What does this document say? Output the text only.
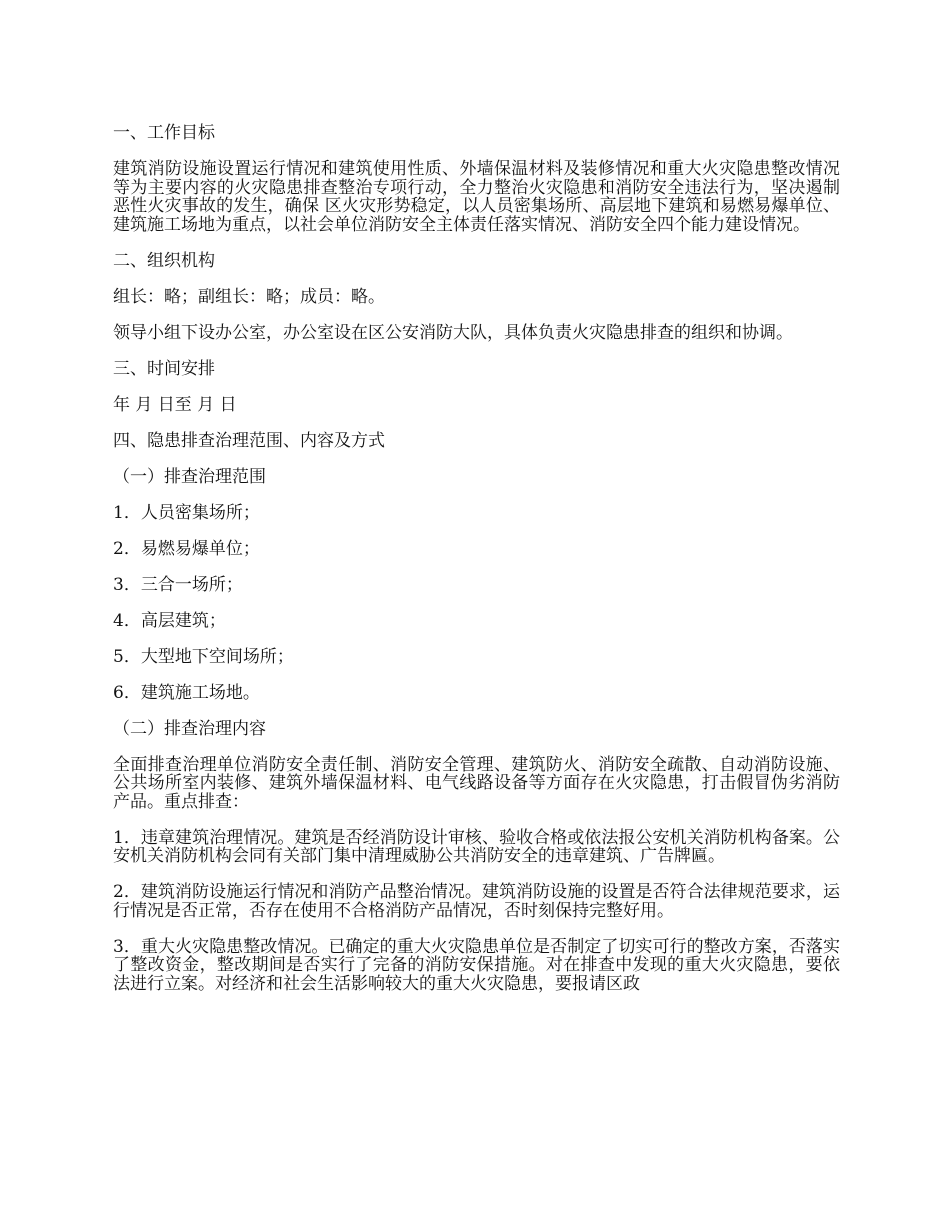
一、工作目标

建筑消防设施设置运行情况和建筑使用性质、外墙保温材料及装修情况和重大火灾隐患整改情况等为主要内容的火灾隐患排查整治专项行动，全力整治火灾隐患和消防安全违法行为，坚决遏制恶性火灾事故的发生，确保 区火灾形势稳定，以人员密集场所、高层地下建筑和易燃易爆单位、建筑施工场地为重点，以社会单位消防安全主体责任落实情况、消防安全四个能力建设情况。

二、组织机构

组长：略；副组长：略；成员：略。

领导小组下设办公室，办公室设在区公安消防大队，具体负责火灾隐患排查的组织和协调。

三、时间安排

年 月 日至 月 日

四、隐患排查治理范围、内容及方式

（一）排查治理范围

1．人员密集场所；

2．易燃易爆单位；

3．三合一场所；

4．高层建筑；

5．大型地下空间场所；

6．建筑施工场地。

（二）排查治理内容

全面排查治理单位消防安全责任制、消防安全管理、建筑防火、消防安全疏散、自动消防设施、公共场所室内装修、建筑外墙保温材料、电气线路设备等方面存在火灾隐患，打击假冒伪劣消防产品。重点排查：

1．违章建筑治理情况。建筑是否经消防设计审核、验收合格或依法报公安机关消防机构备案。公安机关消防机构会同有关部门集中清理威胁公共消防安全的违章建筑、广告牌匾。

2．建筑消防设施运行情况和消防产品整治情况。建筑消防设施的设置是否符合法律规范要求，运行情况是否正常，否存在使用不合格消防产品情况，否时刻保持完整好用。

3．重大火灾隐患整改情况。已确定的重大火灾隐患单位是否制定了切实可行的整改方案，否落实了整改资金，整改期间是否实行了完备的消防安保措施。对在排查中发现的重大火灾隐患，要依法进行立案。对经济和社会生活影响较大的重大火灾隐患，要报请区政
